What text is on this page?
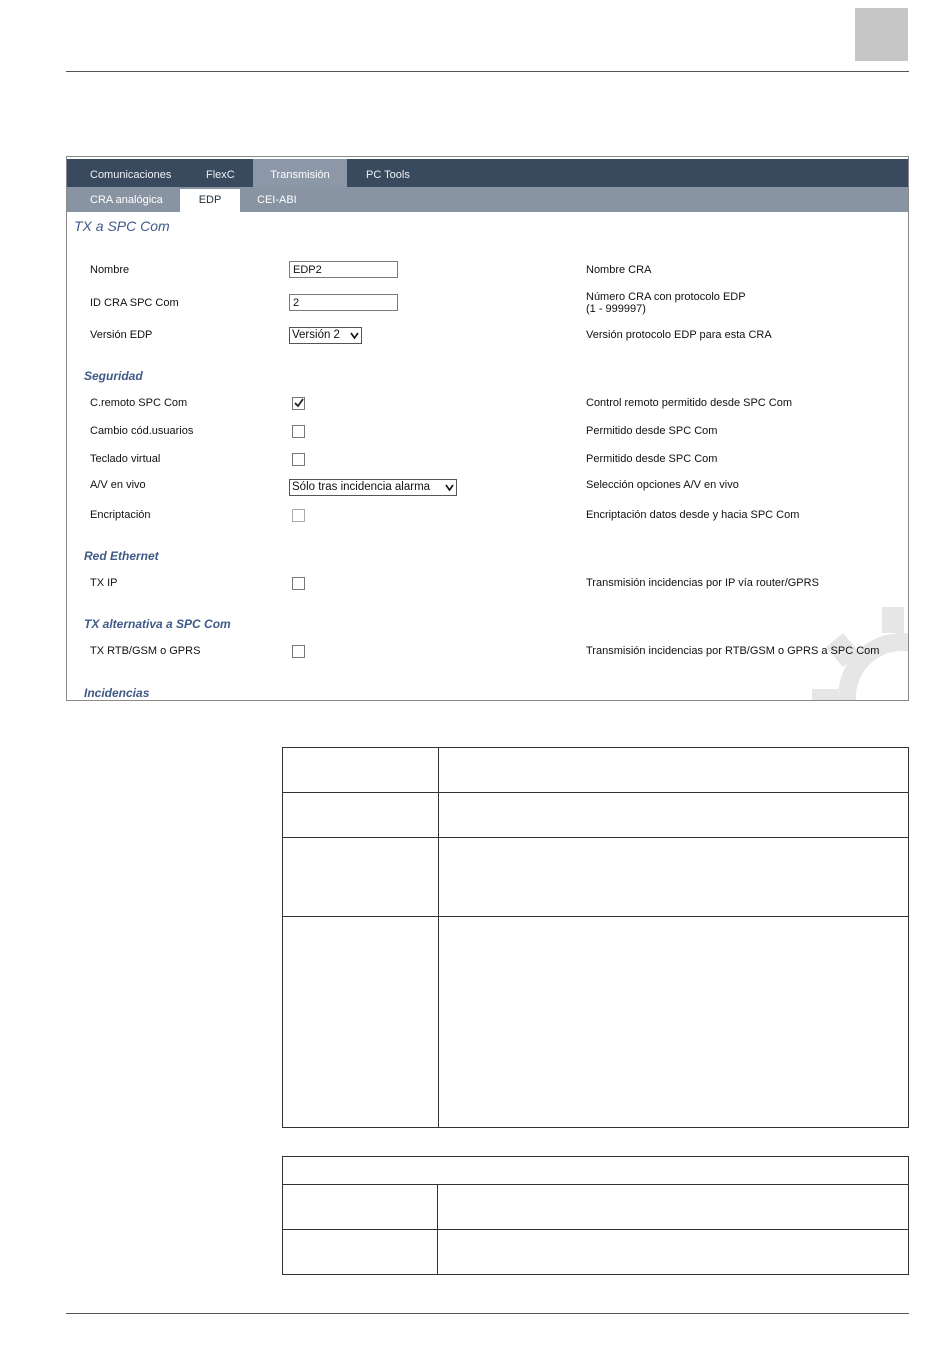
Comunicaciones	FlexC	Transmisión	PC Tools
CRA analógica	EDP	CEI-ABI
TX a SPC Com
Nombre	EDP2	Nombre CRA
ID CRA SPC Com	2	Número CRA con protocolo EDP
(1 - 999997)
Versión EDP	Versión 2	Versión protocolo EDP para esta CRA
Seguridad
C.remoto SPC Com	Control remoto permitido desde SPC Com
Cambio cód.usuarios	Permitido desde SPC Com
Teclado virtual	Permitido desde SPC Com
A/V en vivo	Sólo tras incidencia alarma	Selección opciones A/V en vivo
Encriptación	Encriptación datos desde y hacia SPC Com
Red Ethernet
TX IP	Transmisión incidencias por IP vía router/GPRS
TX alternativa a SPC Com
TX RTB/GSM o GPRS	Transmisión incidencias por RTB/GSM o GPRS a SPC Com
Incidencias
